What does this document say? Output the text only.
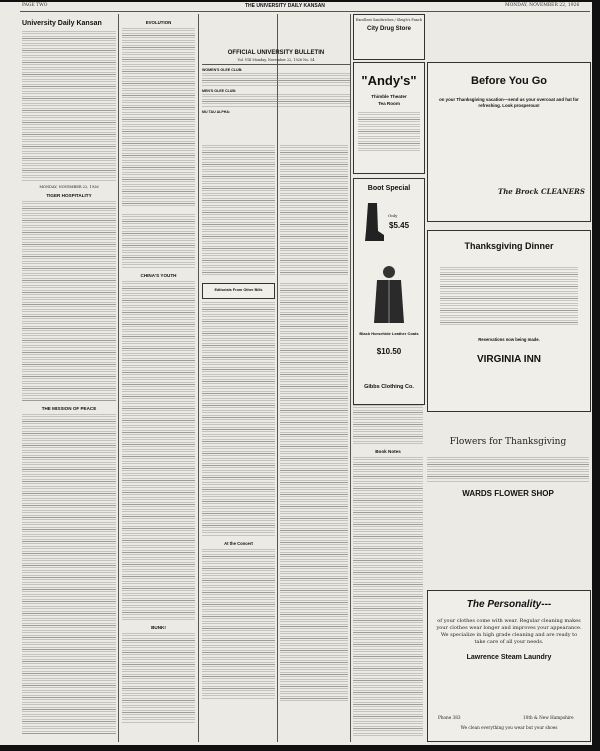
PAGE TWO	THE UNIVERSITY DAILY KANSAN	MONDAY, NOVEMBER 22, 1926
University Daily Kansan
MONDAY, NOVEMBER 22, 1926
TIGER HOSPITALITY
THE MISSION OF PEACE
EVOLUTION
CHINA'S YOUTH
BUNK!
OFFICIAL UNIVERSITY BULLETIN
Vol. VIII Monday, November 22, 1926 No. 54
WOMEN'S GLEE CLUB:
MEN'S GLEE CLUB:
MU TAU ALPHA:
Editorials From Other Bills
At the Concert
Excellent Sandwiches / Sleigh's Punch
City Drug Store
"Andy's"
Thimble Theater
Tea Room
Boot Special
Only
$5.45
Black Horsehide Leather Coats
$10.50
Gibbs Clothing Co.
Book Notes
Before You Go
on your Thanksgiving vacation—send us your overcoat and hat for refreshing. Look prosperous!
The Brock CLEANERS
Thanksgiving Dinner
Reservations now being made.
VIRGINIA INN
Flowers for Thanksgiving
WARDS FLOWER SHOP
The Personality---
of your clothes come with wear. Regular cleaning makes your clothes wear longer and improves your appearance. We specialize in high grade cleaning and are ready to take care of all your needs.
Lawrence Steam Laundry
Phone 383	10th & New Hampshire
We clean everything you wear but your shoes
